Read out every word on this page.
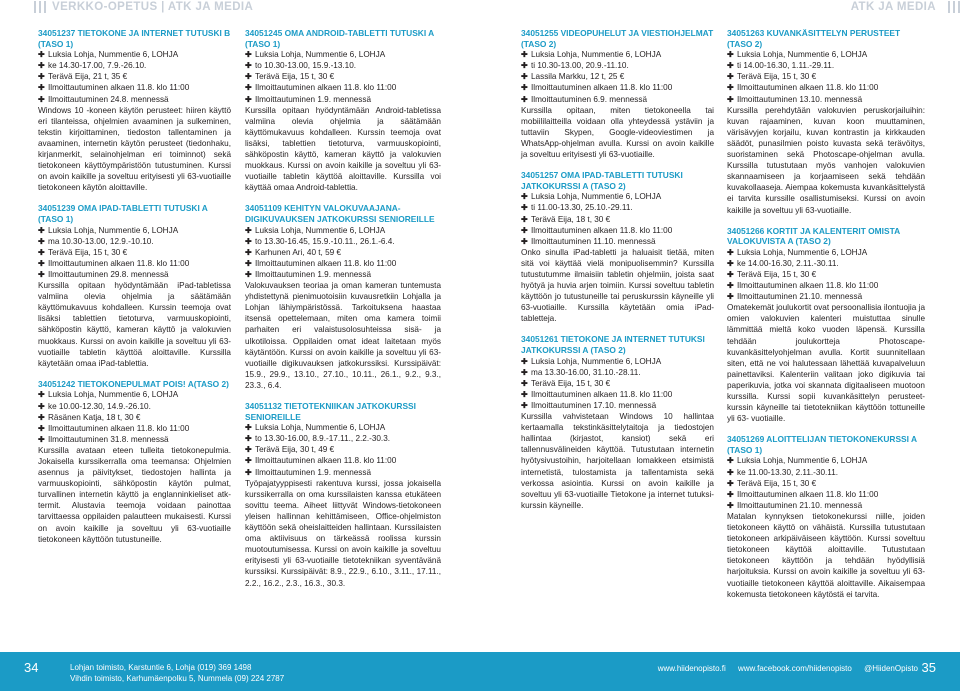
VERKKO-OPETUS | ATK JA MEDIA	ATK JA MEDIA
34051237 TIETOKONE JA INTERNET TUTUSKI B (TASO 1)
✚ Luksia Lohja, Nummentie 6, LOHJA
✚ ke 14.30-17.00, 7.9.-26.10.
✚ Terävä Eija, 21 t, 35 €
✚ Ilmoittautuminen alkaen 11.8. klo 11:00
✚ Ilmoittautuminen 24.8. mennessä
Windows 10 -koneen käytön perusteet: hiiren käyttö eri tilanteissa, ohjelmien avaaminen ja sulkeminen, tekstin kirjoittaminen, tiedoston tallentaminen ja avaaminen, internetin käytön perusteet (tiedonhaku, kirjanmerkit, selainohjelman eri toiminnot) sekä tietokoneen käyttöympäristöön tutustuminen. Kurssi on avoin kaikille ja soveltuu erityisesti yli 63-vuotiaille tietokoneen käytön aloittaville.
34051239 OMA IPAD-TABLETTI TUTUSKI A (TASO 1)
✚ Luksia Lohja, Nummentie 6, LOHJA
✚ ma 10.30-13.00, 12.9.-10.10.
✚ Terävä Eija, 15 t, 30 €
✚ Ilmoittautuminen alkaen 11.8. klo 11:00
✚ Ilmoittautuminen 29.8. mennessä
Kurssilla opitaan hyödyntämään iPad-tabletissa valmiina olevia ohjelmia ja säätämään käyttömukavuus kohdalleen. Kurssin teemoja ovat lisäksi tablettien tietoturva, varmuuskopiointi, sähköpostin käyttö, kameran käyttö ja valokuvien muokkaus. Kurssi on avoin kaikille ja soveltuu yli 63-vuotiaille tabletin käyttöä aloittaville. Kurssilla käytetään omaa iPad-tablettia.
34051242 TIETOKONEPULMAT POIS! A(TASO 2)
✚ Luksia Lohja, Nummentie 6, LOHJA
✚ ke 10.00-12.30, 14.9.-26.10.
✚ Räsänen Katja, 18 t, 30 €
✚ Ilmoittautuminen alkaen 11.8. klo 11:00
✚ Ilmoittautuminen 31.8. mennessä
Kurssilla avataan eteen tulleita tietokonepulmia. Jokaisella kurssikerralla oma teemansa: Ohjelmien asennus ja päivitykset, tiedostojen hallinta ja varmuuskopiointi, sähköpostin käytön pulmat, turvallinen internetin käyttö ja englanninkieliset atk-termit. Alustavia teemoja voidaan painottaa tarvittaessa oppilaiden palautteen mukaisesti. Kurssi on avoin kaikille ja soveltuu yli 63-vuotiaille tietokoneen käyttöön tutustuneille.
34051245 OMA ANDROID-TABLETTI TUTUSKI A (TASO 1)
✚ Luksia Lohja, Nummentie 6, LOHJA
✚ to 10.30-13.00, 15.9.-13.10.
✚ Terävä Eija, 15 t, 30 €
✚ Ilmoittautuminen alkaen 11.8. klo 11:00
✚ Ilmoittautuminen 1.9. mennessä
Kurssilla opitaan hyödyntämään Android-tabletissa valmiina olevia ohjelmia ja säätämään käyttömukavuus kohdalleen. Kurssin teemoja ovat lisäksi, tablettien tietoturva, varmuuskopiointi, sähköpostin käyttö, kameran käyttö ja valokuvien muokkaus. Kurssi on avoin kaikille ja soveltuu yli 63-vuotiaille tabletin käyttöä aloittaville. Kurssilla voi käyttää omaa Android-tablettia.
34051109 KEHITYN VALOKUVAAJANA-DIGIKUVAUKSEN JATKOKURSSI SENIOREILLE
✚ Luksia Lohja, Nummentie 6, LOHJA
✚ to 13.30-16.45, 15.9.-10.11., 26.1.-6.4.
✚ Karhunen Ari, 40 t, 59 €
✚ Ilmoittautuminen alkaen 11.8. klo 11:00
✚ Ilmoittautuminen 1.9. mennessä
Valokuvauksen teoriaa ja oman kameran tuntemusta yhdistettynä pienimuotoisiin kuvausretkiin Lohjalla ja Lohjan lähiympäristössä. Tarkoituksena haastaa itsensä opettelemaan, miten oma kamera toimii parhaiten eri valaistusolosuhteissa sisä- ja ulkotiloissa. Oppilaiden omat ideat laitetaan myös käytäntöön. Kurssi on avoin kaikille ja soveltuu yli 63-vuotiaille digikuvauksen jatkokurssiksi. Kurssipäivät: 15.9., 29.9., 13.10., 27.10., 10.11., 26.1., 9.2., 9.3., 23.3., 6.4.
34051132 TIETOTEKNIIKAN JATKOKURSSI SENIOREILLE
✚ Luksia Lohja, Nummentie 6, LOHJA
✚ to 13.30-16.00, 8.9.-17.11., 2.2.-30.3.
✚ Terävä Eija, 30 t, 49 €
✚ Ilmoittautuminen alkaen 11.8. klo 11:00
✚ Ilmoittautuminen 1.9. mennessä
Työpajatyyppisesti rakentuva kurssi, jossa jokaisella kurssikerralla on oma kurssilaisten kanssa etukäteen sovittu teema. Aiheet liittyvät Windows-tietokoneen yleisen hallinnan kehittämiseen, Office-ohjelmiston käyttöön sekä oheislaitteiden hallintaan. Kurssilaisten oma aktiivisuus on tärkeässä roolissa kurssin muotoutumisessa. Kurssi on avoin kaikille ja soveltuu erityisesti yli 63-vuotiaille tietotekniikan syventävänä kurssiksi. Kurssipäivät: 8.9., 22.9., 6.10., 3.11., 17.11., 2.2., 16.2., 2.3., 16.3., 30.3.
34051255 VIDEOPUHELUT JA VIESTIOHJELMAT (TASO 2)
✚ Luksia Lohja, Nummentie 6, LOHJA
✚ ti 10.30-13.00, 20.9.-11.10.
✚ Lassila Markku, 12 t, 25 €
✚ Ilmoittautuminen alkaen 11.8. klo 11:00
✚ Ilmoittautuminen 6.9. mennessä
Kurssilla opitaan, miten tietokoneella tai mobiililaitteilla voidaan olla yhteydessä ystäviin ja tuttaviin Skypen, Google-videoviestimen ja WhatsApp-ohjelman avulla. Kurssi on avoin kaikille ja soveltuu erityisesti yli 63-vuotiaille.
34051257 OMA IPAD-TABLETTI TUTUSKI JATKOKURSSI A (TASO 2)
✚ Luksia Lohja, Nummentie 6, LOHJA
✚ ti 11.00-13.30, 25.10.-29.11.
✚ Terävä Eija, 18 t, 30 €
✚ Ilmoittautuminen alkaen 11.8. klo 11:00
✚ Ilmoittautuminen 11.10. mennessä
Onko sinulla iPad-tabletti ja haluaisit tietää, miten sitä voi käyttää vielä monipuolisemmin? Kurssilla tutustutumme ilmaisiin tabletin ohjelmiin, joista saat hyötyä ja huvia arjen toimiin. Kurssi soveltuu tabletin käyttöön jo tutustuneille tai peruskurssin käyneille yli 63-vuotiaille. Kurssilla käytetään omia iPad-tabletteja.
34051261 TIETOKONE JA INTERNET TUTUKSI JATKOKURSSI A (TASO 2)
✚ Luksia Lohja, Nummentie 6, LOHJA
✚ ma 13.30-16.00, 31.10.-28.11.
✚ Terävä Eija, 15 t, 30 €
✚ Ilmoittautuminen alkaen 11.8. klo 11:00
✚ Ilmoittautuminen 17.10. mennessä
Kurssilla vahvistetaan Windows 10 hallintaa kertaamalla tekstinkäsittelytaitoja ja tiedostojen hallintaa (kirjastot, kansiot) sekä eri tallennusvälineiden käyttöä. Tutustutaan internetin hyötysivustoihin, harjoitellaan lomakkeen etsimistä internetistä, tulostamista ja tallentamista sekä verkossa asiointia. Kurssi on avoin kaikille ja soveltuu yli 63-vuotiaille Tietokone ja internet tutuksi-kurssin käyneille.
34051263 KUVANKÄSITTELYN PERUSTEET (TASO 2)
✚ Luksia Lohja, Nummentie 6, LOHJA
✚ ti 14.00-16.30, 1.11.-29.11.
✚ Terävä Eija, 15 t, 30 €
✚ Ilmoittautuminen alkaen 11.8. klo 11:00
✚ Ilmoittautuminen 13.10. mennessä
Kurssilla perehdytään valokuvien peruskorjailuihin: kuvan rajaaminen, kuvan koon muuttaminen, värisävyjen korjailu, kuvan kontrastin ja kirkkauden säädöt, punasilmien poisto kuvasta sekä terävöitys, suoristaminen sekä Photoscape-ohjelman avulla. Kurssilla tutustutaan myös vanhojen valokuvien skannaamiseen ja korjaamiseen sekä tehdään kuvakollaaseja. Aiempaa kokemusta kuvankäsittelystä ei tarvita kurssille osallistumiseksi. Kurssi on avoin kaikille ja soveltuu yli 63-vuotiaille.
34051266 KORTIT JA KALENTERIT OMISTA VALOKUVISTA A (TASO 2)
✚ Luksia Lohja, Nummentie 6, LOHJA
✚ ke 14.00-16.30, 2.11.-30.11.
✚ Terävä Eija, 15 t, 30 €
✚ Ilmoittautuminen alkaen 11.8. klo 11:00
✚ Ilmoittautuminen 21.10. mennessä
Omatekemät joulukortit ovat persoonallisia ilontuojia ja omien valokuvien kalenteri muistuttaa sinulle lämmittää mieltä koko vuoden läpensä. Kurssilla tehdään joulukortteja Photoscape-kuvankäsittelyohjelman avulla. Kortit suunnitellaan siten, että ne voi halutessaan lähettää kuvapalveluun painettaviksi. Kalenteriin valitaan joko digikuvia tai paperikuvia, jotka voi skannata digitaaliseen muotoon kurssilla. Kurssi sopii kuvankäsittelyn perusteet-kurssin käyneille tai tietotekniikan käyttöön tottuneille yli 63- vuotiaille.
34051269 ALOITTELIJAN TIETOKONEKURSSI A (TASO 1)
✚ Luksia Lohja, Nummentie 6, LOHJA
✚ ke 11.00-13.30, 2.11.-30.11.
✚ Terävä Eija, 15 t, 30 €
✚ Ilmoittautuminen alkaen 11.8. klo 11:00
✚ Ilmoittautuminen 21.10. mennessä
Matalan kynnyksen tietokonekurssi niille, joiden tietokoneen käyttö on vähäistä. Kurssilla tutustutaan tietokoneen arkipäiväiseen käyttöön. Kurssi soveltuu tietokoneen käyttöä aloittaville. Tutustutaan tietokoneen käyttöön ja tehdään hyödyllisiä harjoituksia. Kurssi on avoin kaikille ja soveltuu yli 63-vuotiaille tietokoneen käyttöä aloittaville. Aikaisempaa kokemusta tietokoneen käytöstä ei tarvita.
34	Lohjan toimisto, Karstuntie 6, Lohja (019) 369 1498
Vihdin toimisto, Karhumäenpolku 5, Nummela (09) 224 2787
www.hiidenopisto.fi www.facebook.com/hiidenopisto @HiidenOpisto 35
